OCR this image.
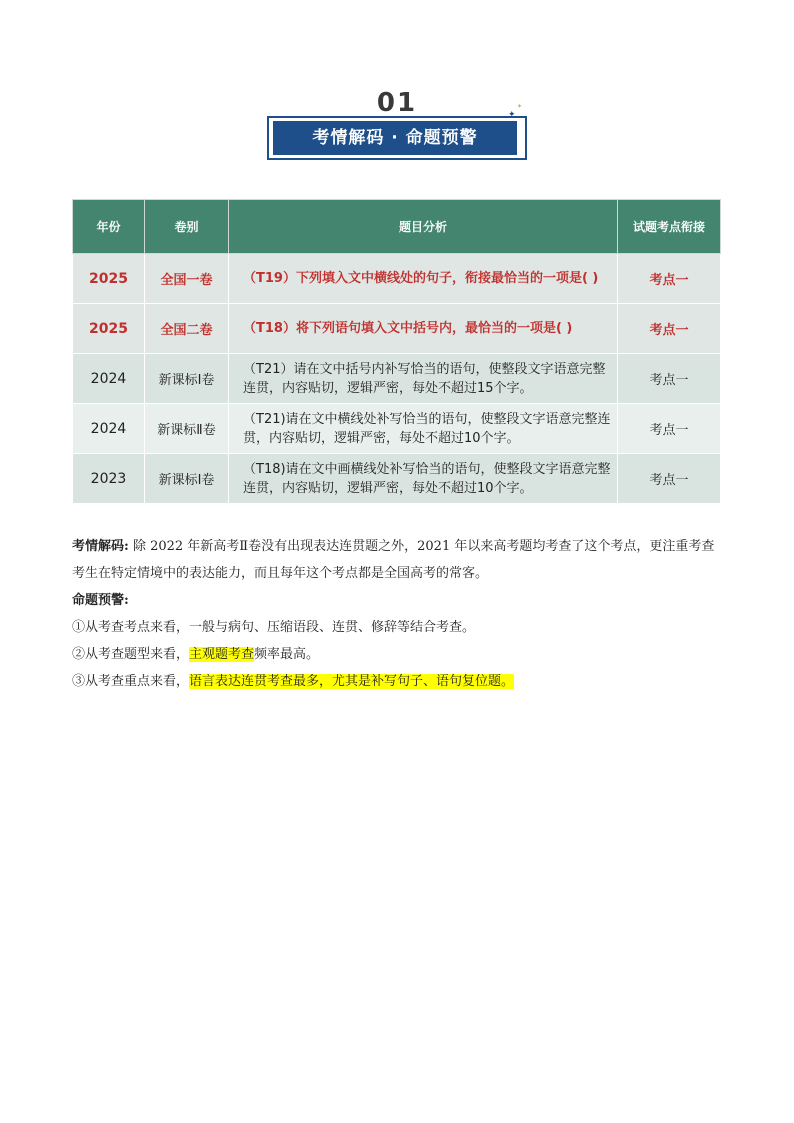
01
考情解码 · 命题预警
✦
✦
年份	卷别	题目分析	试题考点衔接
2025	全国一卷	（T19）下列填入文中横线处的句子，衔接最恰当的一项是( )	考点一
2025	全国二卷	（T18）将下列语句填入文中括号内，最恰当的一项是( )	考点一
2024	新课标Ⅰ卷	（T21）请在文中括号内补写恰当的语句，使整段文字语意完整连贯，内容贴切，逻辑严密，每处不超过15个字。	考点一
2024	新课标Ⅱ卷	（T21)请在文中横线处补写恰当的语句，使整段文字语意完整连贯，内容贴切，逻辑严密，每处不超过10个字。	考点一
2023	新课标Ⅰ卷	（T18)请在文中画横线处补写恰当的语句，使整段文字语意完整连贯，内容贴切，逻辑严密，每处不超过10个字。	考点一

考情解码: 除 2022 年新高考Ⅱ卷没有出现表达连贯题之外，2021 年以来高考题均考查了这个考点，更注重考查考生在特定情境中的表达能力，而且每年这个考点都是全国高考的常客。

命题预警:

①从考查考点来看，一般与病句、压缩语段、连贯、修辞等结合考查。

②从考查题型来看，主观题考查频率最高。

③从考查重点来看，语言表达连贯考查最多，尤其是补写句子、语句复位题。
